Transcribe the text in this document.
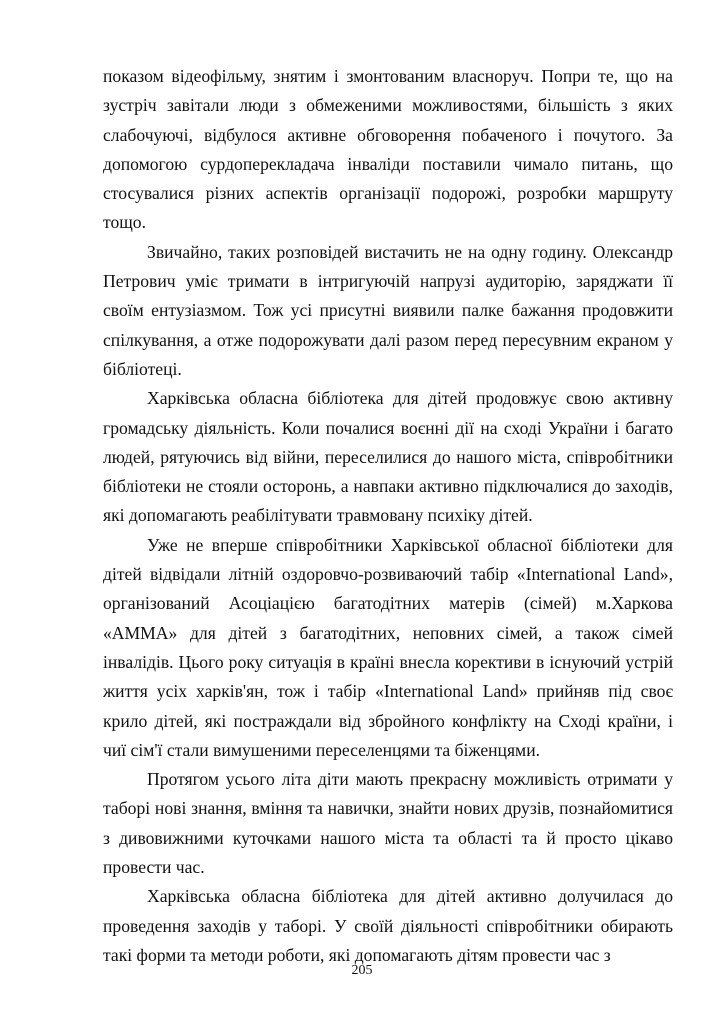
показом відеофільму, знятим і змонтованим власноруч. Попри те, що на зустріч завітали люди з обмеженими можливостями, більшість з яких слабочуючі, відбулося активне обговорення побаченого і почутого. За допомогою сурдоперекладача інваліди поставили чимало питань, що стосувалися різних аспектів організації подорожі, розробки маршруту тощо.

Звичайно, таких розповідей вистачить не на одну годину. Олександр Петрович уміє тримати в інтригуючій напрузі аудиторію, заряджати її своїм ентузіазмом. Тож усі присутні виявили палке бажання продовжити спілкування, а отже подорожувати далі разом перед пересувним екраном у бібліотеці.

Харківська обласна бібліотека для дітей продовжує свою активну громадську діяльність. Коли почалися воєнні дії на сході України і багато людей, рятуючись від війни, переселилися до нашого міста, співробітники бібліотеки не стояли осторонь, а навпаки активно підключалися до заходів, які допомагають реабілітувати травмовану психіку дітей.

Уже не вперше співробітники Харківської обласної бібліотеки для дітей відвідали літній оздоровчо-розвиваючий табір «International Land», організований Асоціацією багатодітних матерів (сімей) м.Харкова «АММА» для дітей з багатодітних, неповних сімей, а також сімей інвалідів. Цього року ситуація в країні внесла корективи в існуючий устрій життя усіх харків'ян, тож і табір «International Land» прийняв під своє крило дітей, які постраждали від збройного конфлікту на Сході країни, і чиї сім'ї стали вимушеними переселенцями та біженцями.

Протягом усього літа діти мають прекрасну можливість отримати у таборі нові знання, вміння та навички, знайти нових друзів, познайомитися з дивовижними куточками нашого міста та області та й просто цікаво провести час.

Харківська обласна бібліотека для дітей активно долучилася до проведення заходів у таборі. У своїй діяльності співробітники обирають такі форми та методи роботи, які допомагають дітям провести час з

205
